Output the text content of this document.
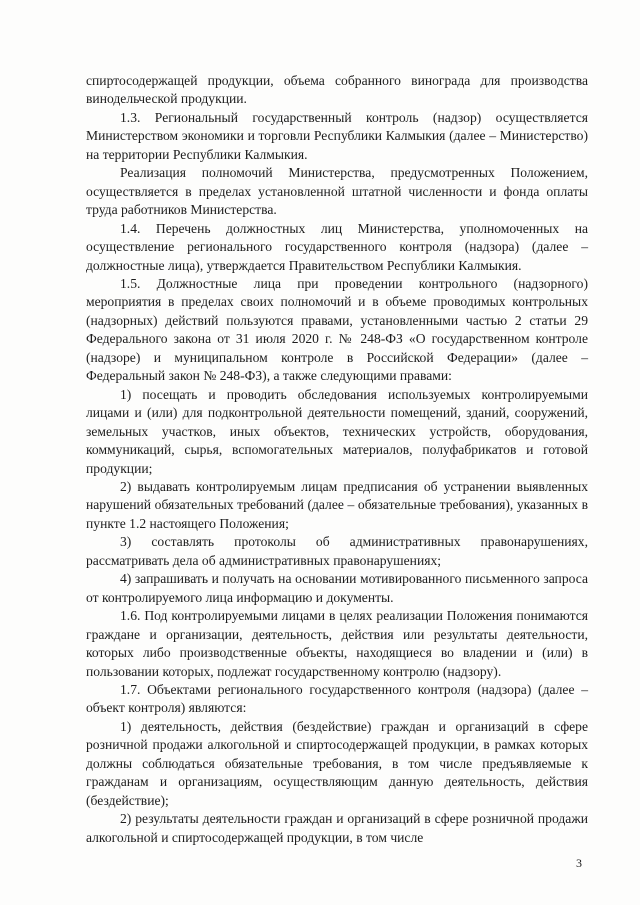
спиртосодержащей продукции, объема собранного винограда для производства винодельческой продукции.

1.3. Региональный государственный контроль (надзор) осуществляется Министерством экономики и торговли Республики Калмыкия (далее – Министерство) на территории Республики Калмыкия.

Реализация полномочий Министерства, предусмотренных Положением, осуществляется в пределах установленной штатной численности и фонда оплаты труда работников Министерства.

1.4. Перечень должностных лиц Министерства, уполномоченных на осуществление регионального государственного контроля (надзора) (далее – должностные лица), утверждается Правительством Республики Калмыкия.

1.5. Должностные лица при проведении контрольного (надзорного) мероприятия в пределах своих полномочий и в объеме проводимых контрольных (надзорных) действий пользуются правами, установленными частью 2 статьи 29 Федерального закона от 31 июля 2020 г. № 248-ФЗ «О государственном контроле (надзоре) и муниципальном контроле в Российской Федерации» (далее – Федеральный закон № 248-ФЗ), а также следующими правами:

1) посещать и проводить обследования используемых контролируемыми лицами и (или) для подконтрольной деятельности помещений, зданий, сооружений, земельных участков, иных объектов, технических устройств, оборудования, коммуникаций, сырья, вспомогательных материалов, полуфабрикатов и готовой продукции;

2) выдавать контролируемым лицам предписания об устранении выявленных нарушений обязательных требований (далее – обязательные требования), указанных в пункте 1.2 настоящего Положения;

3) составлять протоколы об административных правонарушениях, рассматривать дела об административных правонарушениях;

4) запрашивать и получать на основании мотивированного письменного запроса от контролируемого лица информацию и документы.

1.6. Под контролируемыми лицами в целях реализации Положения понимаются граждане и организации, деятельность, действия или результаты деятельности, которых либо производственные объекты, находящиеся во владении и (или) в пользовании которых, подлежат государственному контролю (надзору).

1.7. Объектами регионального государственного контроля (надзора) (далее – объект контроля) являются:

1) деятельность, действия (бездействие) граждан и организаций в сфере розничной продажи алкогольной и спиртосодержащей продукции, в рамках которых должны соблюдаться обязательные требования, в том числе предъявляемые к гражданам и организациям, осуществляющим данную деятельность, действия (бездействие);

2) результаты деятельности граждан и организаций в сфере розничной продажи алкогольной и спиртосодержащей продукции, в том числе

3
